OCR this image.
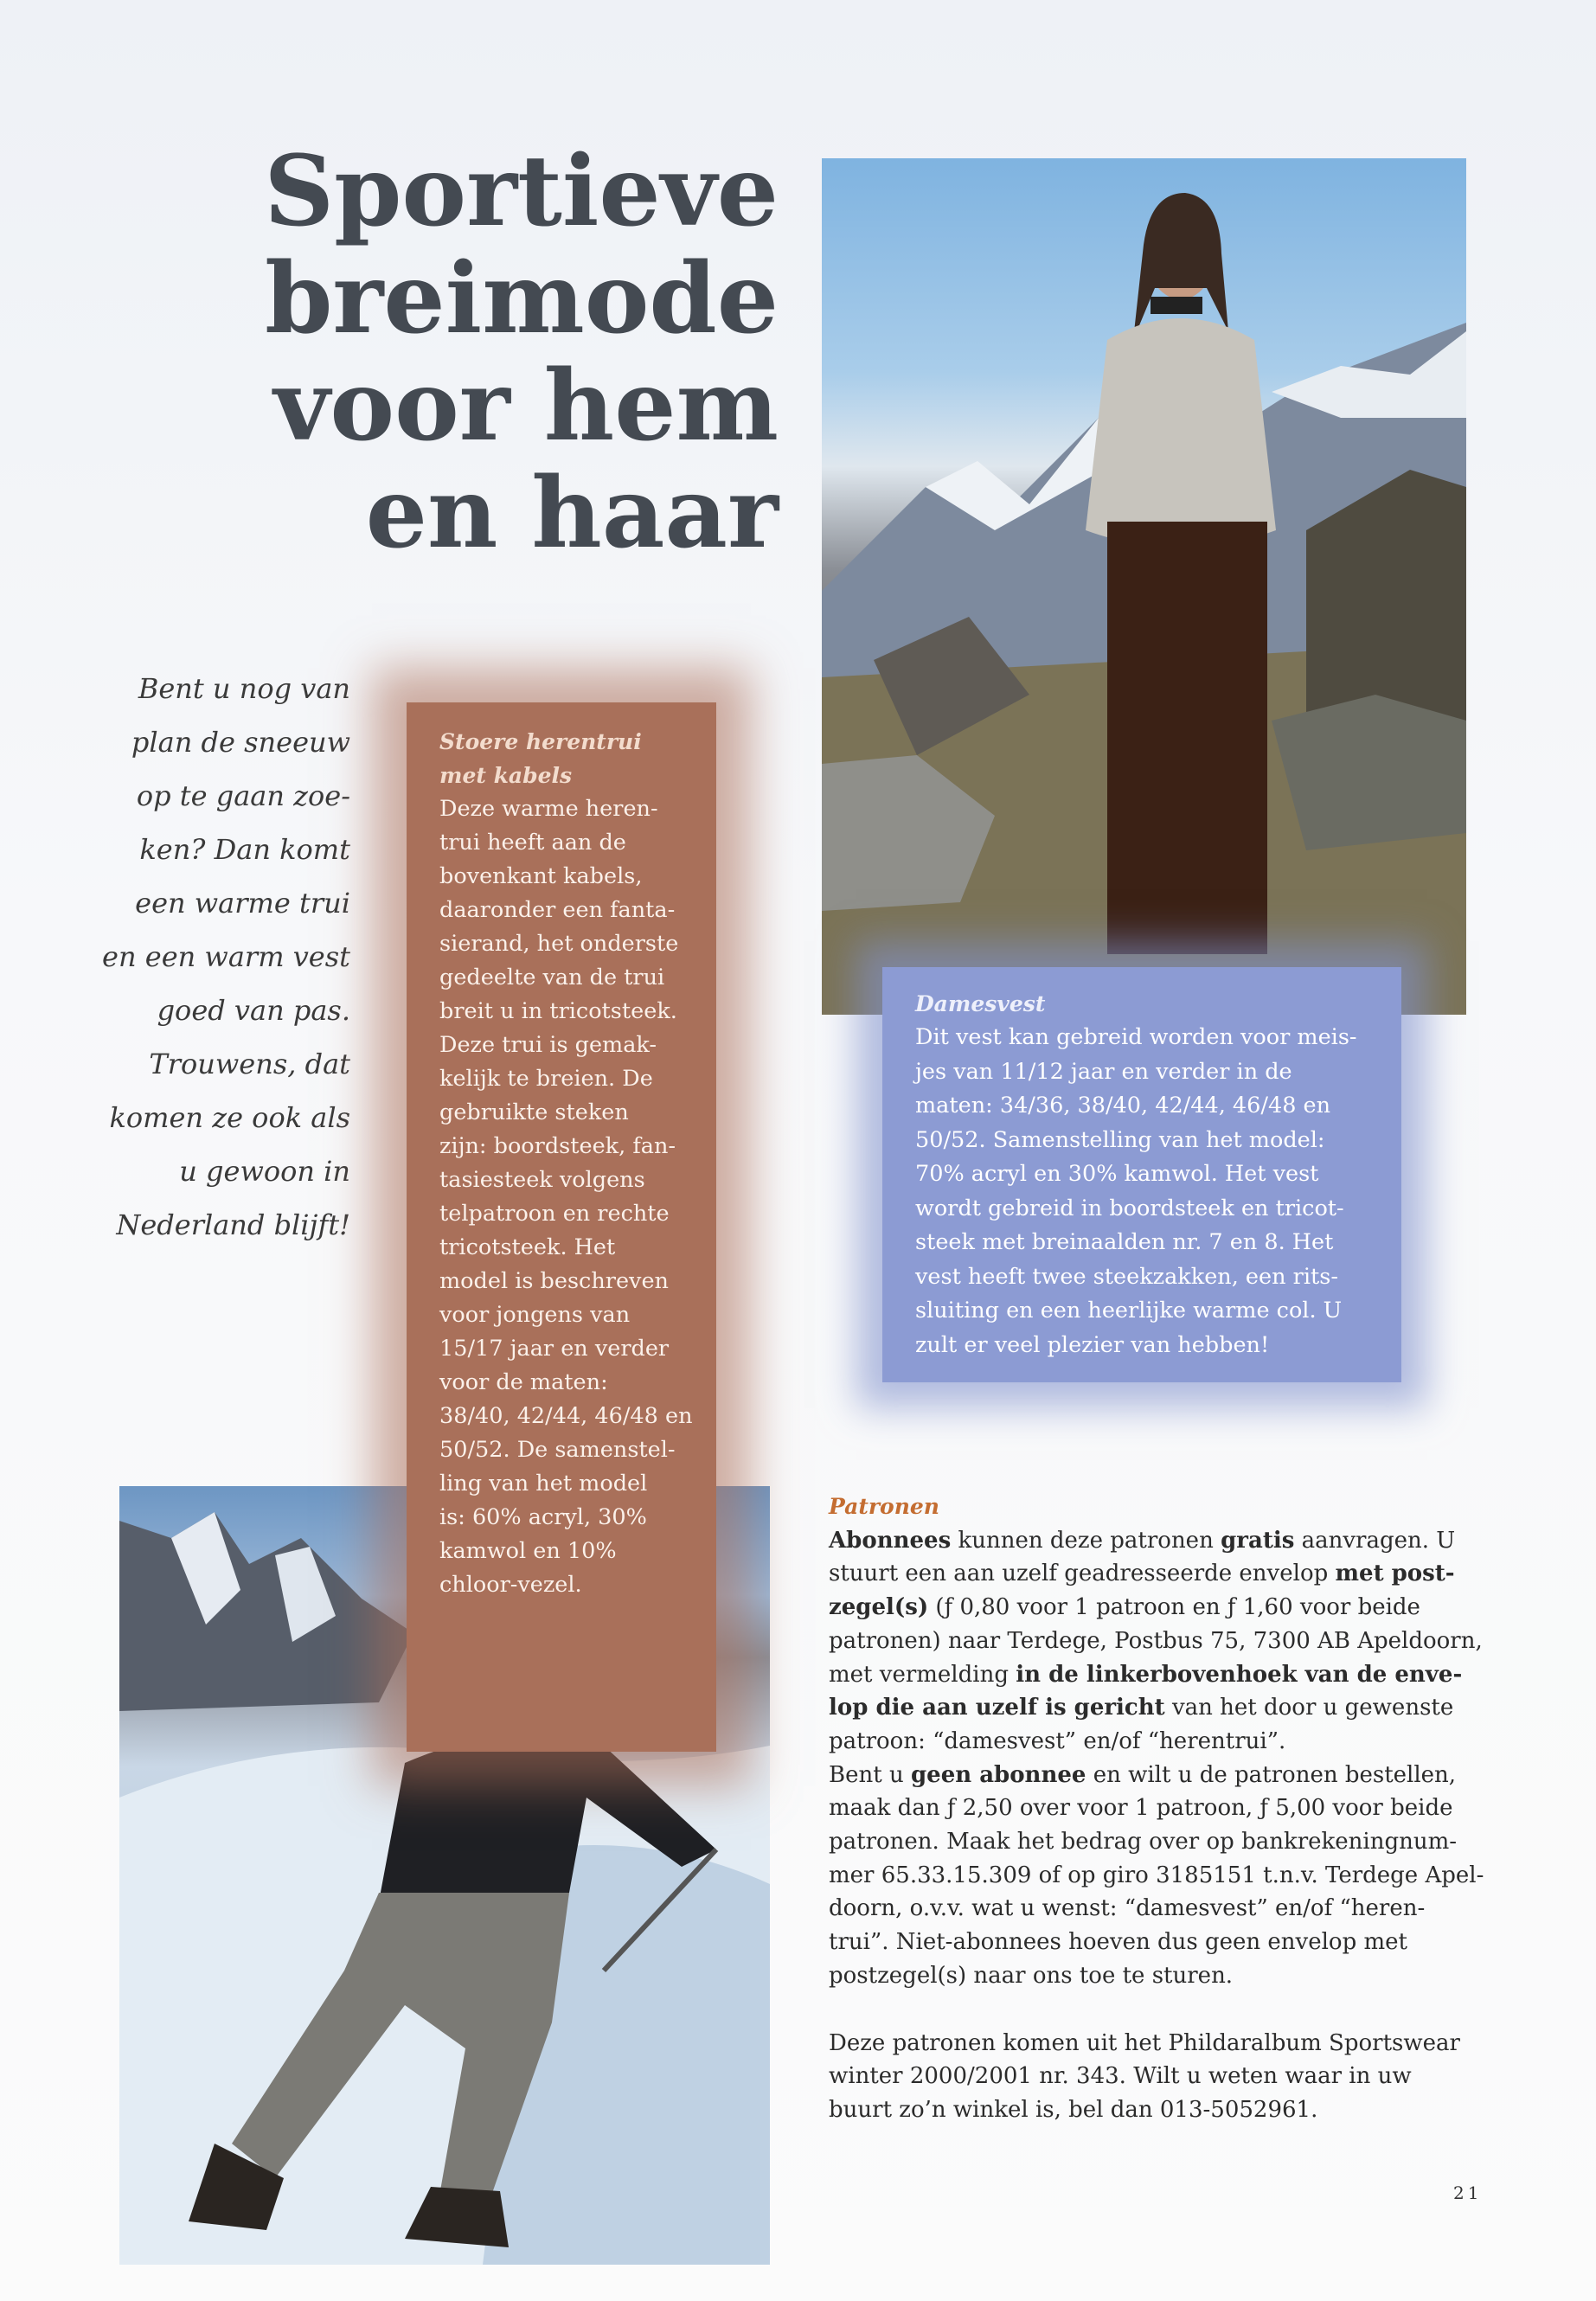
Sportieve
breimode
voor hem
en haar
Bent u nog van
plan de sneeuw
op te gaan zoe-
ken? Dan komt
een warme trui
en een warm vest
goed van pas.
Trouwens, dat
komen ze ook als
u gewoon in
Nederland blijft!

Stoere herentrui
met kabels

Deze warme heren-
trui heeft aan de
bovenkant kabels,
daaronder een fanta-
sierand, het onderste
gedeelte van de trui
breit u in tricotsteek.
Deze trui is gemak-
kelijk te breien. De
gebruikte steken
zijn: boordsteek, fan-
tasiesteek volgens
telpatroon en rechte
tricotsteek. Het
model is beschreven
voor jongens van
15/17 jaar en verder
voor de maten:
38/40, 42/44, 46/48 en
50/52. De samenstel-
ling van het model
is: 60% acryl, 30%
kamwol en 10%
chloor-vezel.

Damesvest

Dit vest kan gebreid worden voor meis-
jes van 11/12 jaar en verder in de
maten: 34/36, 38/40, 42/44, 46/48 en
50/52. Samenstelling van het model:
70% acryl en 30% kamwol. Het vest
wordt gebreid in boordsteek en tricot-
steek met breinaalden nr. 7 en 8. Het
vest heeft twee steekzakken, een rits-
sluiting en een heerlijke warme col. U
zult er veel plezier van hebben!

Patronen

Abonnees kunnen deze patronen gratis aanvragen. U
stuurt een aan uzelf geadresseerde envelop met post-
zegel(s) (ƒ 0,80 voor 1 patroon en ƒ 1,60 voor beide
patronen) naar Terdege, Postbus 75, 7300 AB Apeldoorn,
met vermelding in de linkerbovenhoek van de enve-
lop die aan uzelf is gericht van het door u gewenste
patroon: “damesvest” en/of “herentrui”.
Bent u geen abonnee en wilt u de patronen bestellen,
maak dan ƒ 2,50 over voor 1 patroon, ƒ 5,00 voor beide
patronen. Maak het bedrag over op bankrekeningnum-
mer 65.33.15.309 of op giro 3185151 t.n.v. Terdege Apel-
doorn, o.v.v. wat u wenst: “damesvest” en/of “heren-
trui”. Niet-abonnees hoeven dus geen envelop met
postzegel(s) naar ons toe te sturen.

Deze patronen komen uit het Phildaralbum Sportswear
winter 2000/2001 nr. 343. Wilt u weten waar in uw
buurt zo’n winkel is, bel dan 013-5052961.

21
